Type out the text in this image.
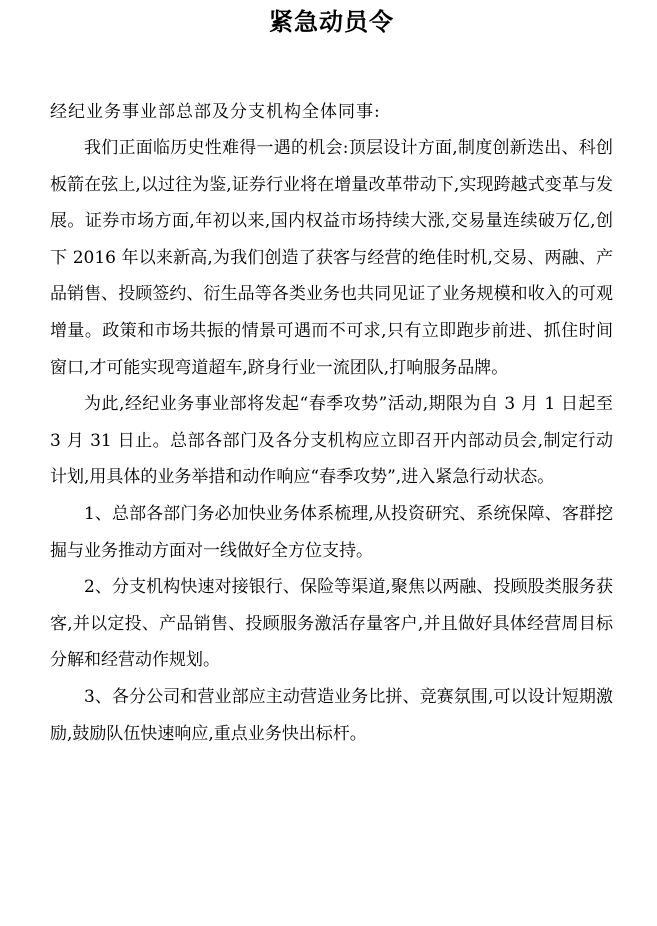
紧急动员令

经纪业务事业部总部及分支机构全体同事:

我们正面临历史性难得一遇的机会:顶层设计方面,制度创新迭出、科创板箭在弦上,以过往为鉴,证券行业将在增量改革带动下,实现跨越式变革与发展。证券市场方面,年初以来,国内权益市场持续大涨,交易量连续破万亿,创下 2016 年以来新高,为我们创造了获客与经营的绝佳时机,交易、两融、产品销售、投顾签约、衍生品等各类业务也共同见证了业务规模和收入的可观增量。政策和市场共振的情景可遇而不可求,只有立即跑步前进、抓住时间窗口,才可能实现弯道超车,跻身行业一流团队,打响服务品牌。

为此,经纪业务事业部将发起“春季攻势”活动,期限为自 3 月 1 日起至 3 月 31 日止。总部各部门及各分支机构应立即召开内部动员会,制定行动计划,用具体的业务举措和动作响应“春季攻势”,进入紧急行动状态。

1、总部各部门务必加快业务体系梳理,从投资研究、系统保障、客群挖掘与业务推动方面对一线做好全方位支持。

2、分支机构快速对接银行、保险等渠道,聚焦以两融、投顾股类服务获客,并以定投、产品销售、投顾服务激活存量客户,并且做好具体经营周目标分解和经营动作规划。

3、各分公司和营业部应主动营造业务比拼、竞赛氛围,可以设计短期激励,鼓励队伍快速响应,重点业务快出标杆。
